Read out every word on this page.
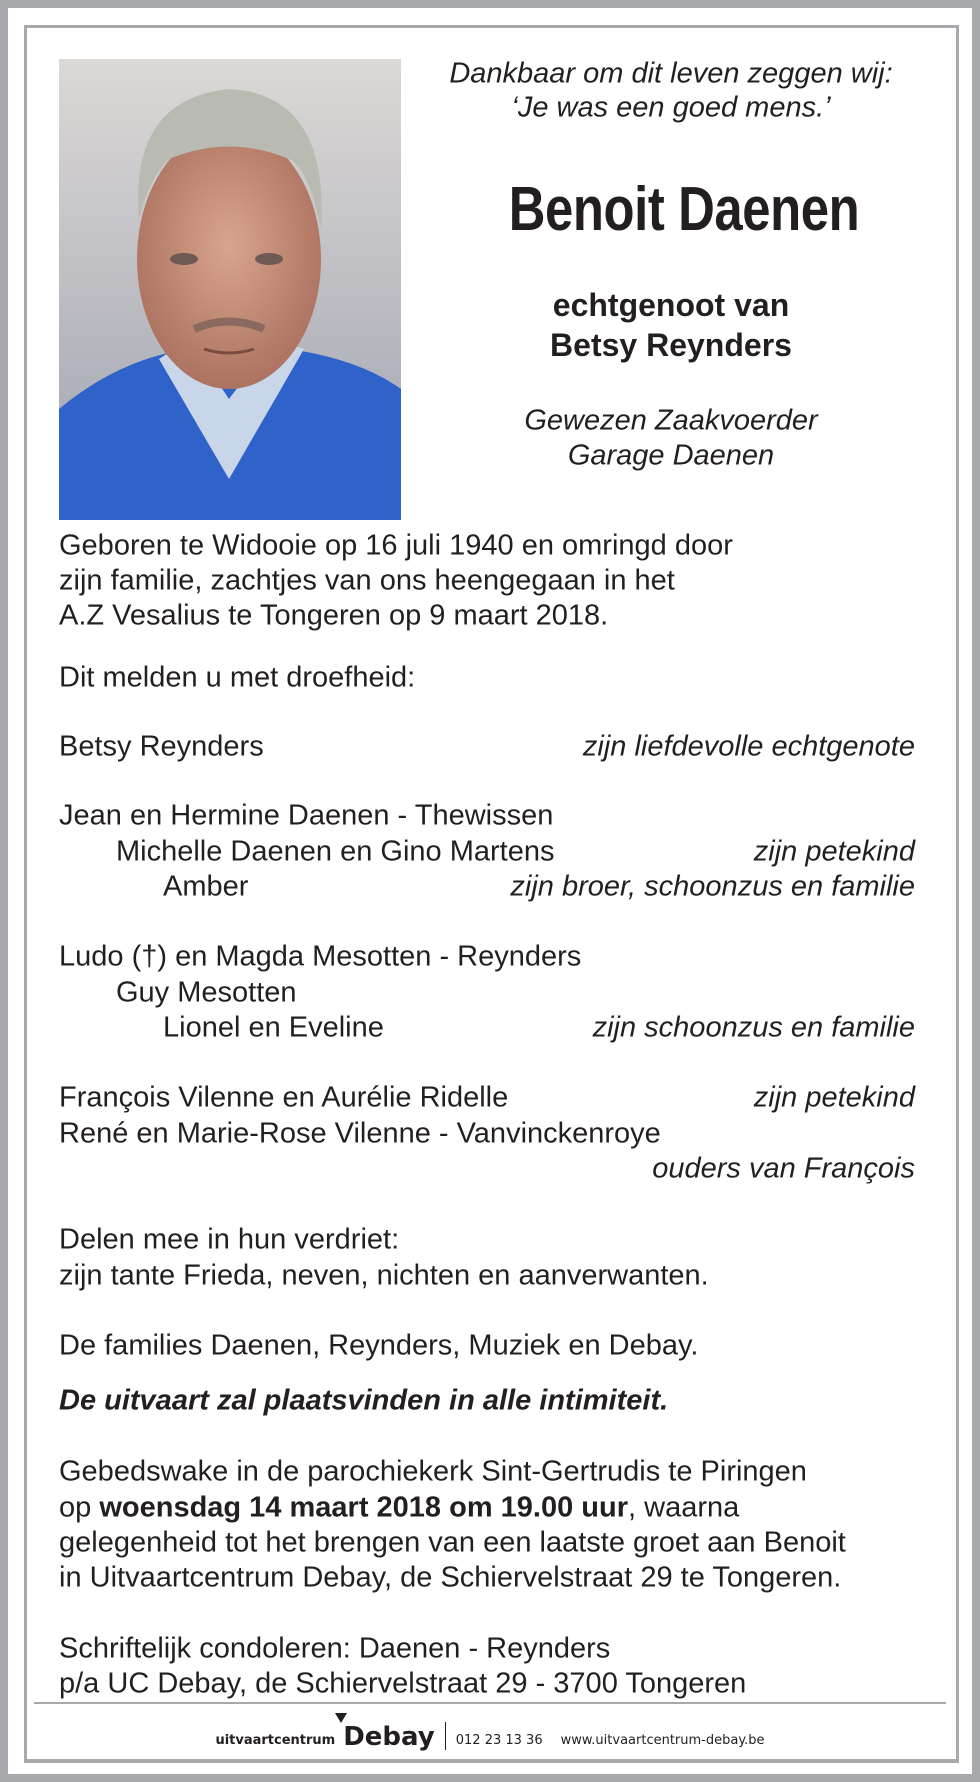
Dankbaar om dit leven zeggen wij:
‘Je was een goed mens.’
Benoit Daenen
echtgenoot van
Betsy Reynders
Gewezen Zaakvoerder
Garage Daenen
Geboren te Widooie op 16 juli 1940 en omringd door
zijn familie, zachtjes van ons heengegaan in het
A.Z Vesalius te Tongeren op 9 maart 2018.
Dit melden u met droefheid:
Betsy Reynders	zijn liefdevolle echtgenote
Jean en Hermine Daenen - Thewissen
Michelle Daenen en Gino Martens	zijn petekind
Amber	zijn broer, schoonzus en familie
Ludo (†) en Magda Mesotten - Reynders
Guy Mesotten
Lionel en Eveline	zijn schoonzus en familie
François Vilenne en Aurélie Ridelle	zijn petekind
René en Marie-Rose Vilenne - Vanvinckenroye
ouders van François
Delen mee in hun verdriet:
zijn tante Frieda, neven, nichten en aanverwanten.
De families Daenen, Reynders, Muziek en Debay.
De uitvaart zal plaatsvinden in alle intimiteit.
Gebedswake in de parochiekerk Sint-Gertrudis te Piringen
op woensdag 14 maart 2018 om 19.00 uur, waarna
gelegenheid tot het brengen van een laatste groet aan Benoit
in Uitvaartcentrum Debay, de Schiervelstraat 29 te Tongeren.
Schriftelijk condoleren: Daenen - Reynders
p/a UC Debay, de Schiervelstraat 29 - 3700 Tongeren
uitvaartcentrum Debay 012 23 13 36 www.uitvaartcentrum-debay.be
